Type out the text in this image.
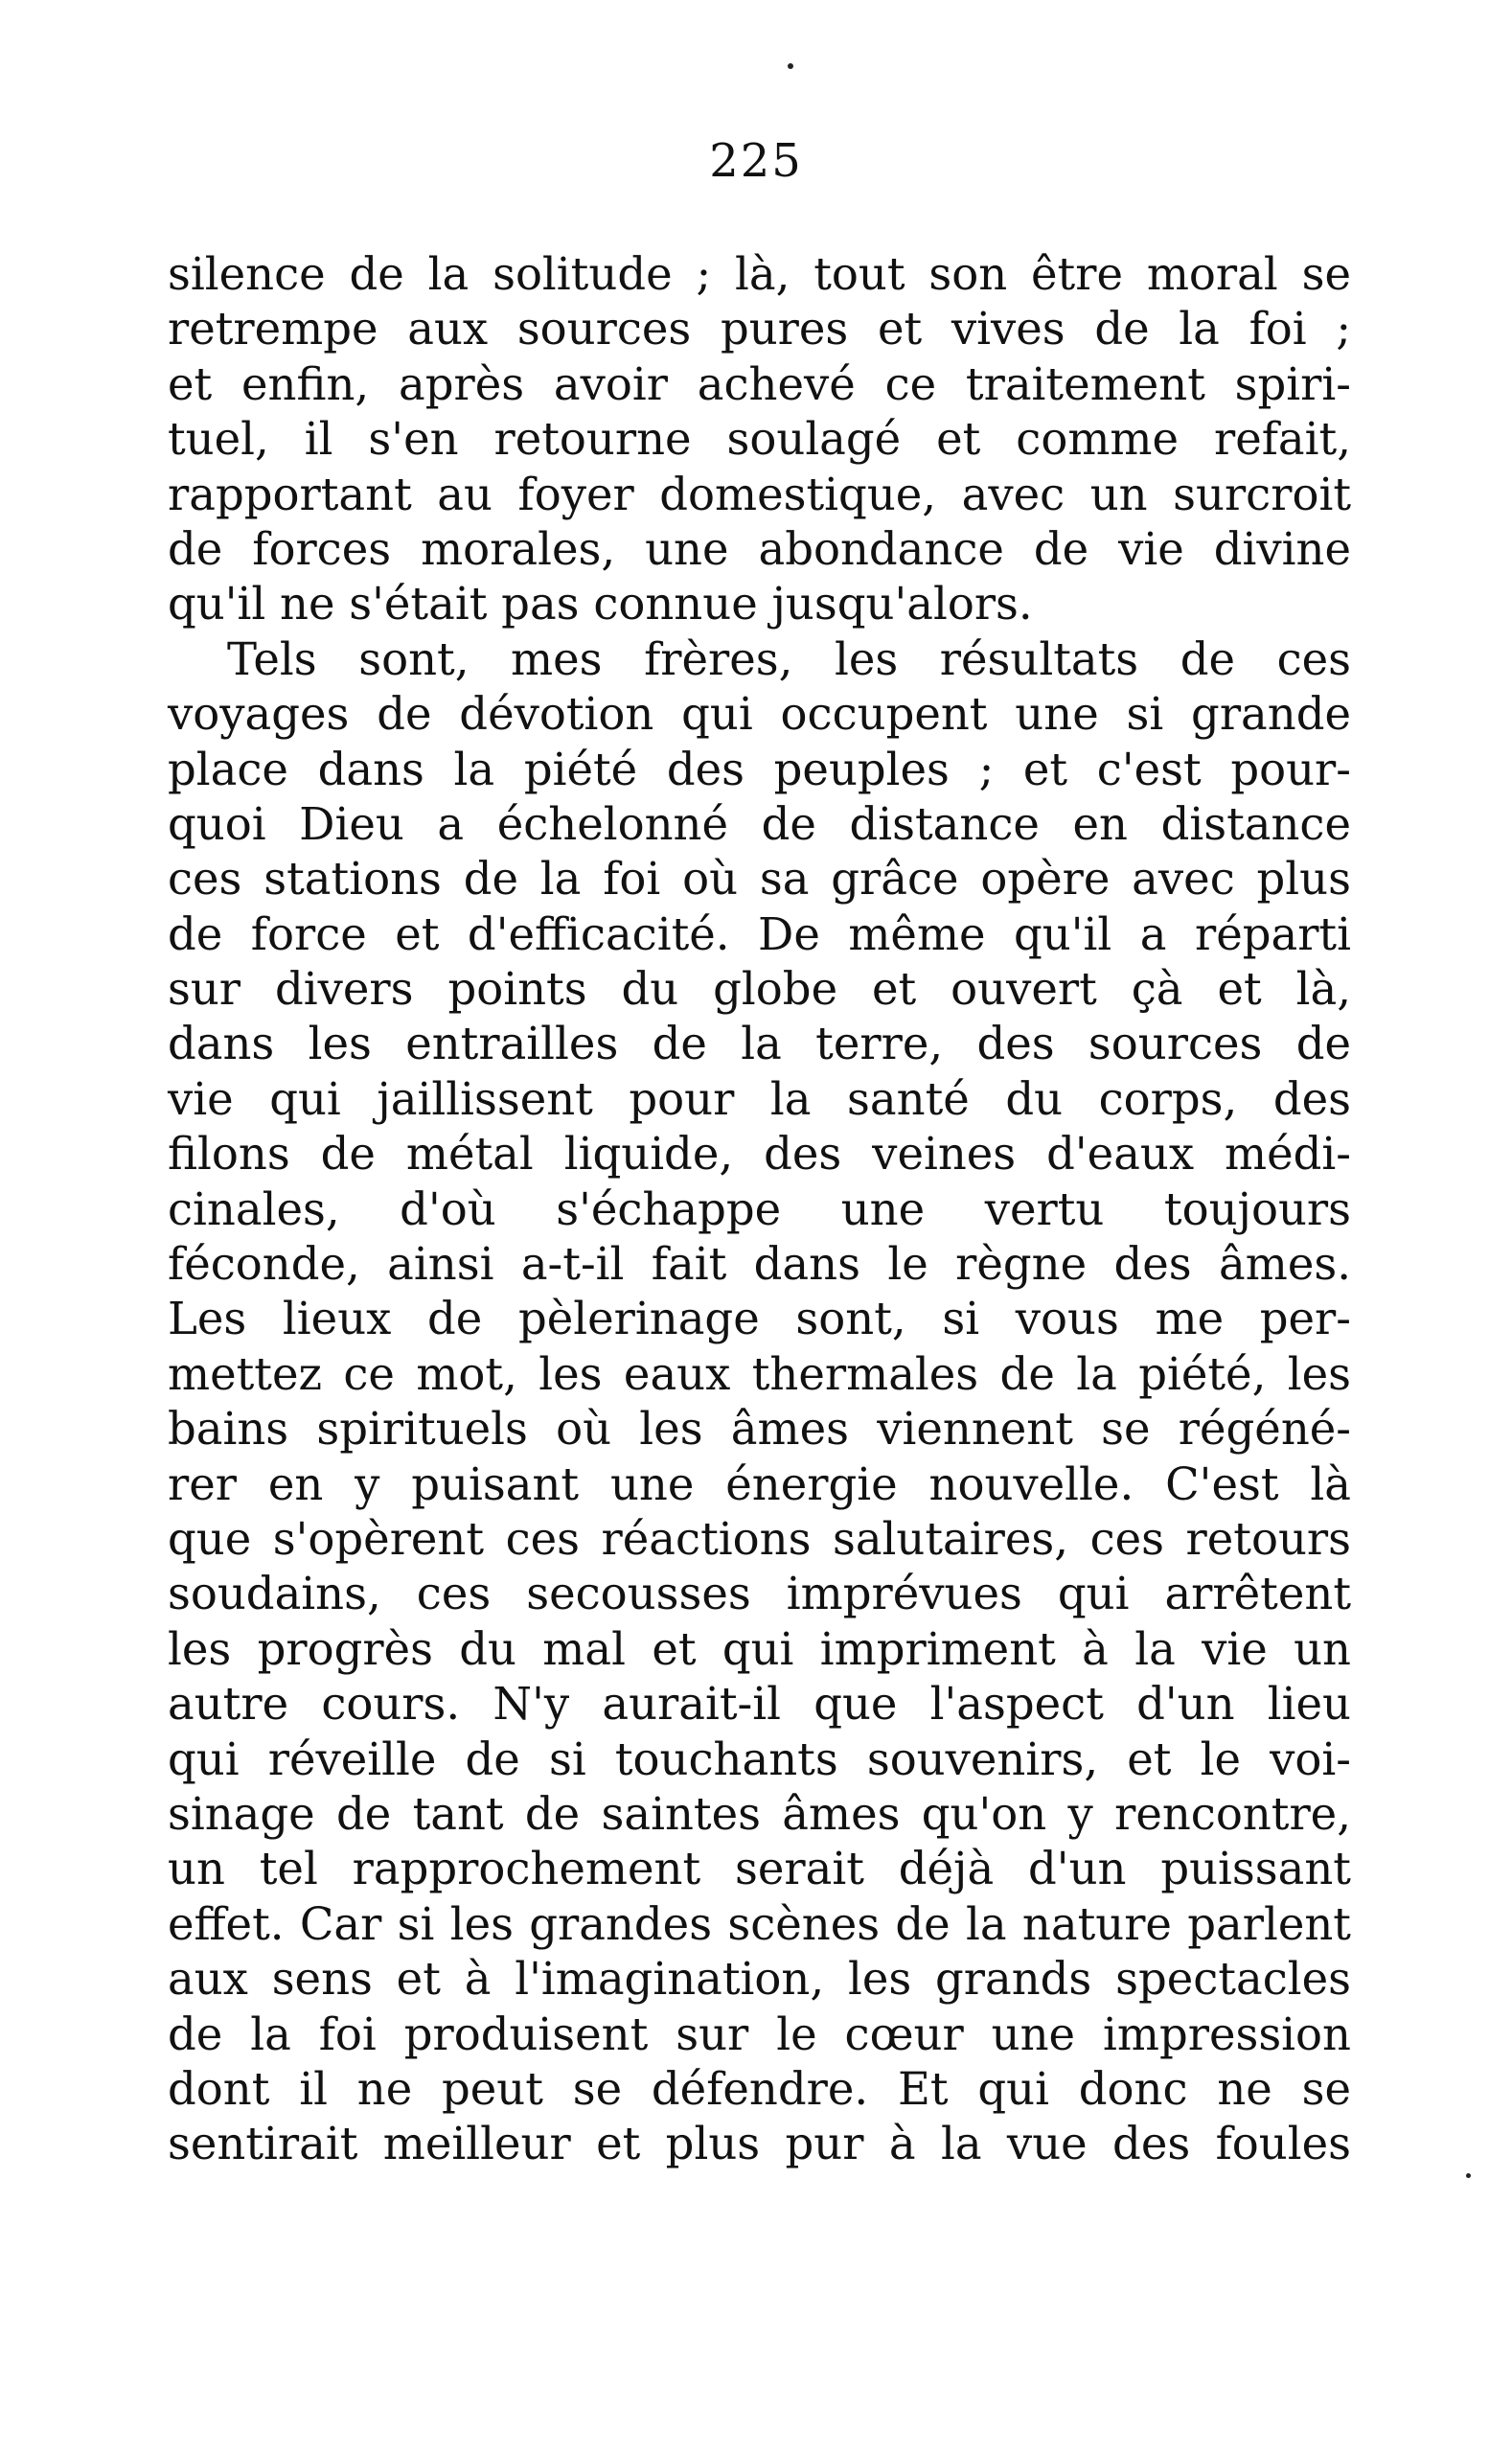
225
silence de la solitude ; là, tout son être moral se
retrempe aux sources pures et vives de la foi ;
et enfin, après avoir achevé ce traitement spiri-
tuel, il s'en retourne soulagé et comme refait,
rapportant au foyer domestique, avec un surcroit
de forces morales, une abondance de vie divine
qu'il ne s'était pas connue jusqu'alors.
Tels sont, mes frères, les résultats de ces
voyages de dévotion qui occupent une si grande
place dans la piété des peuples ; et c'est pour-
quoi Dieu a échelonné de distance en distance
ces stations de la foi où sa grâce opère avec plus
de force et d'efficacité. De même qu'il a réparti
sur divers points du globe et ouvert çà et là,
dans les entrailles de la terre, des sources de
vie qui jaillissent pour la santé du corps, des
filons de métal liquide, des veines d'eaux médi-
cinales, d'où s'échappe une vertu toujours
féconde, ainsi a-t-il fait dans le règne des âmes.
Les lieux de pèlerinage sont, si vous me per-
mettez ce mot, les eaux thermales de la piété, les
bains spirituels où les âmes viennent se régéné-
rer en y puisant une énergie nouvelle. C'est là
que s'opèrent ces réactions salutaires, ces retours
soudains, ces secousses imprévues qui arrêtent
les progrès du mal et qui impriment à la vie un
autre cours. N'y aurait-il que l'aspect d'un lieu
qui réveille de si touchants souvenirs, et le voi-
sinage de tant de saintes âmes qu'on y rencontre,
un tel rapprochement serait déjà d'un puissant
effet. Car si les grandes scènes de la nature parlent
aux sens et à l'imagination, les grands spectacles
de la foi produisent sur le cœur une impression
dont il ne peut se défendre. Et qui donc ne se
sentirait meilleur et plus pur à la vue des foules
